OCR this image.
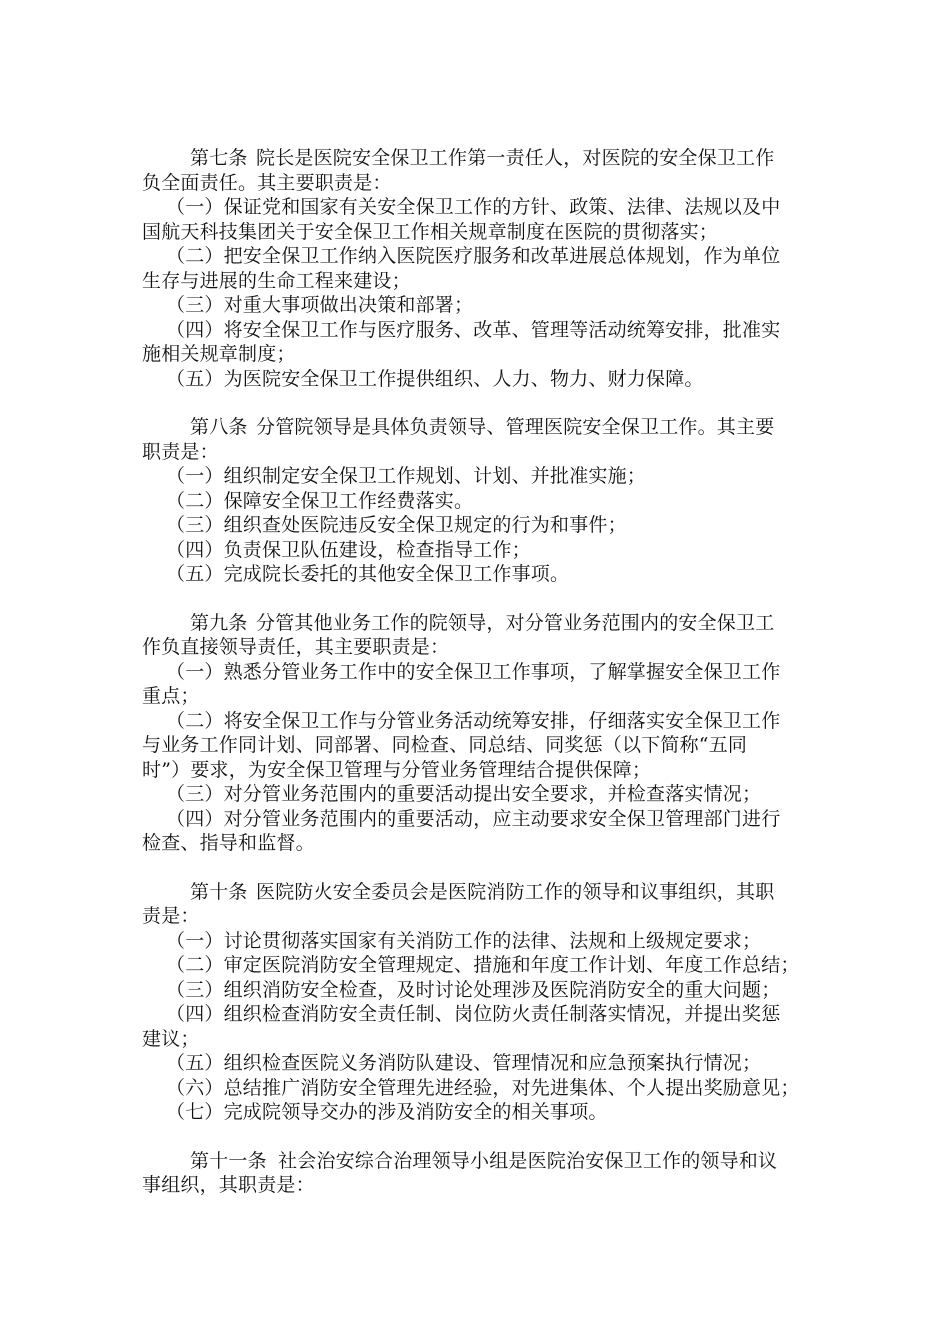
第七条 院长是医院安全保卫工作第一责任人，对医院的安全保卫工作
负全面责任。其主要职责是：
（一）保证党和国家有关安全保卫工作的方针、政策、法律、法规以及中
国航天科技集团关于安全保卫工作相关规章制度在医院的贯彻落实；
（二）把安全保卫工作纳入医院医疗服务和改革进展总体规划，作为单位
生存与进展的生命工程来建设；
（三）对重大事项做出决策和部署；
（四）将安全保卫工作与医疗服务、改革、管理等活动统筹安排，批准实
施相关规章制度；
（五）为医院安全保卫工作提供组织、人力、物力、财力保障。
第八条 分管院领导是具体负责领导、管理医院安全保卫工作。其主要
职责是：
（一）组织制定安全保卫工作规划、计划、并批准实施；
（二）保障安全保卫工作经费落实。
（三）组织查处医院违反安全保卫规定的行为和事件；
（四）负责保卫队伍建设，检查指导工作；
（五）完成院长委托的其他安全保卫工作事项。
第九条 分管其他业务工作的院领导，对分管业务范围内的安全保卫工
作负直接领导责任，其主要职责是：
（一）熟悉分管业务工作中的安全保卫工作事项，了解掌握安全保卫工作
重点；
（二）将安全保卫工作与分管业务活动统筹安排，仔细落实安全保卫工作
与业务工作同计划、同部署、同检查、同总结、同奖惩（以下简称“五同
时”）要求，为安全保卫管理与分管业务管理结合提供保障；
（三）对分管业务范围内的重要活动提出安全要求，并检查落实情况；
（四）对分管业务范围内的重要活动，应主动要求安全保卫管理部门进行
检查、指导和监督。
第十条 医院防火安全委员会是医院消防工作的领导和议事组织，其职
责是：
（一）讨论贯彻落实国家有关消防工作的法律、法规和上级规定要求；
（二）审定医院消防安全管理规定、措施和年度工作计划、年度工作总结；
（三）组织消防安全检查，及时讨论处理涉及医院消防安全的重大问题；
（四）组织检查消防安全责任制、岗位防火责任制落实情况，并提出奖惩
建议；
（五）组织检查医院义务消防队建设、管理情况和应急预案执行情况；
（六）总结推广消防安全管理先进经验，对先进集体、个人提出奖励意见；
（七）完成院领导交办的涉及消防安全的相关事项。
第十一条 社会治安综合治理领导小组是医院治安保卫工作的领导和议
事组织，其职责是：
